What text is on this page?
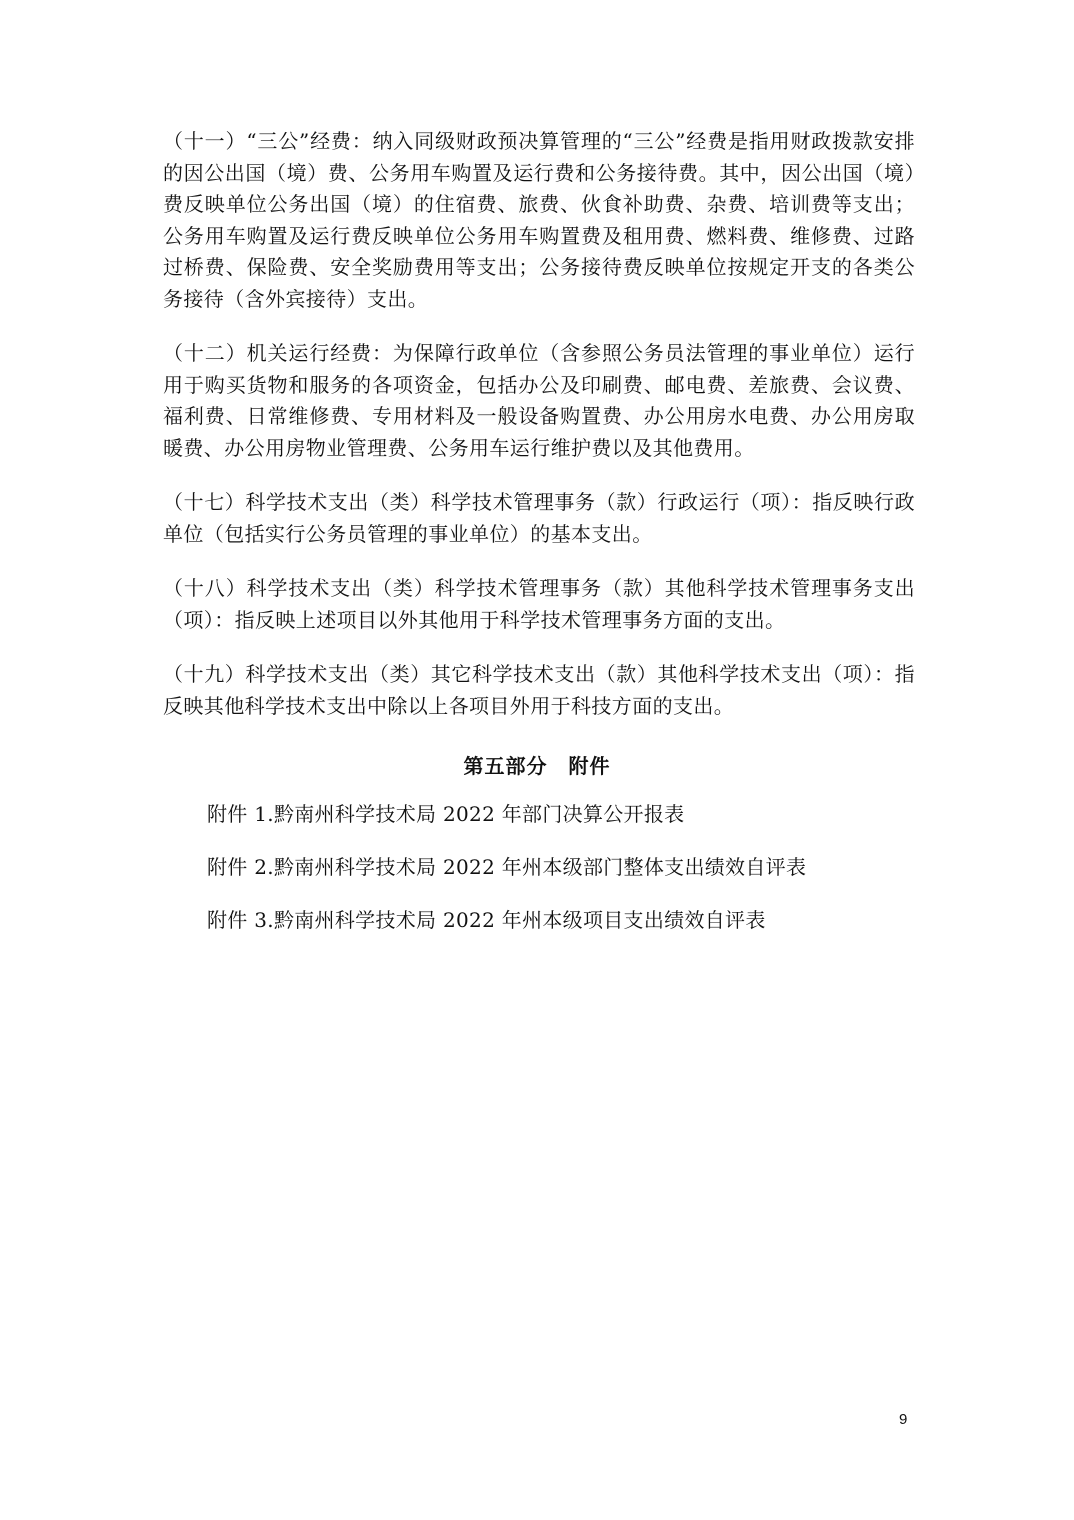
（十一）“三公”经费：纳入同级财政预决算管理的“三公”经费是指用财政拨款安排的因公出国（境）费、公务用车购置及运行费和公务接待费。其中，因公出国（境）费反映单位公务出国（境）的住宿费、旅费、伙食补助费、杂费、培训费等支出；公务用车购置及运行费反映单位公务用车购置费及租用费、燃料费、维修费、过路过桥费、保险费、安全奖励费用等支出；公务接待费反映单位按规定开支的各类公务接待（含外宾接待）支出。

（十二）机关运行经费：为保障行政单位（含参照公务员法管理的事业单位）运行用于购买货物和服务的各项资金，包括办公及印刷费、邮电费、差旅费、会议费、福利费、日常维修费、专用材料及一般设备购置费、办公用房水电费、办公用房取暖费、办公用房物业管理费、公务用车运行维护费以及其他费用。

（十七）科学技术支出（类）科学技术管理事务（款）行政运行（项）：指反映行政单位（包括实行公务员管理的事业单位）的基本支出。

（十八）科学技术支出（类）科学技术管理事务（款）其他科学技术管理事务支出（项）：指反映上述项目以外其他用于科学技术管理事务方面的支出。

（十九）科学技术支出（类）其它科学技术支出（款）其他科学技术支出（项）：指反映其他科学技术支出中除以上各项目外用于科技方面的支出。

第五部分　附件
附件 1.黔南州科学技术局 2022 年部门决算公开报表
附件 2.黔南州科学技术局 2022 年州本级部门整体支出绩效自评表
附件 3.黔南州科学技术局 2022 年州本级项目支出绩效自评表
9
